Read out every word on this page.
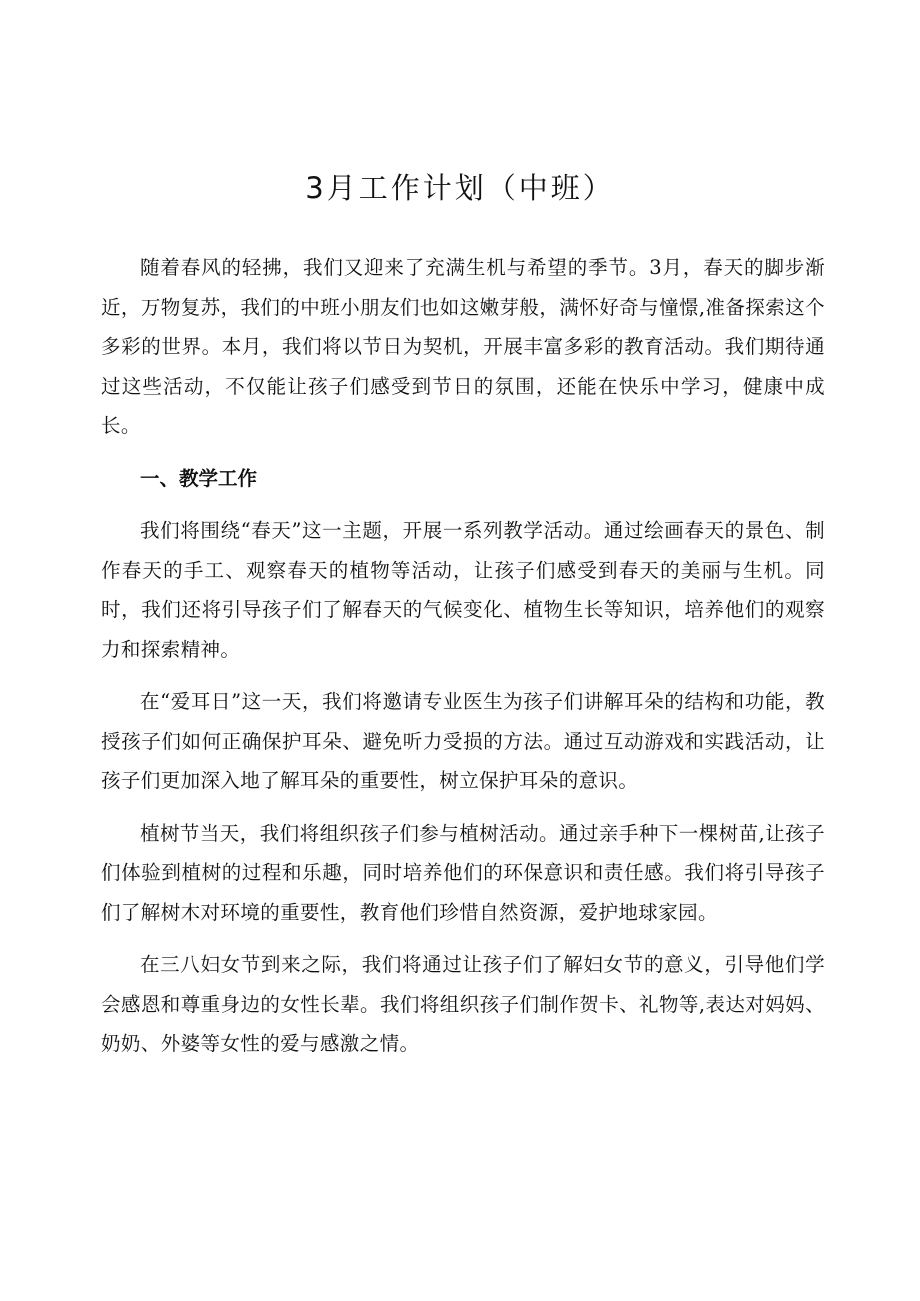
3月工作计划（中班）

随着春风的轻拂，我们又迎来了充满生机与希望的季节。3月，春天的脚步渐近，万物复苏，我们的中班小朋友们也如这嫩芽般，满怀好奇与憧憬,准备探索这个多彩的世界。本月，我们将以节日为契机，开展丰富多彩的教育活动。我们期待通过这些活动，不仅能让孩子们感受到节日的氛围，还能在快乐中学习，健康中成长。

一、教学工作

我们将围绕“春天”这一主题，开展一系列教学活动。通过绘画春天的景色、制作春天的手工、观察春天的植物等活动，让孩子们感受到春天的美丽与生机。同时，我们还将引导孩子们了解春天的气候变化、植物生长等知识，培养他们的观察力和探索精神。

在“爱耳日”这一天，我们将邀请专业医生为孩子们讲解耳朵的结构和功能，教授孩子们如何正确保护耳朵、避免听力受损的方法。通过互动游戏和实践活动，让孩子们更加深入地了解耳朵的重要性，树立保护耳朵的意识。

植树节当天，我们将组织孩子们参与植树活动。通过亲手种下一棵树苗,让孩子们体验到植树的过程和乐趣，同时培养他们的环保意识和责任感。我们将引导孩子们了解树木对环境的重要性，教育他们珍惜自然资源，爱护地球家园。

在三八妇女节到来之际，我们将通过让孩子们了解妇女节的意义，引导他们学会感恩和尊重身边的女性长辈。我们将组织孩子们制作贺卡、礼物等,表达对妈妈、奶奶、外婆等女性的爱与感激之情。
